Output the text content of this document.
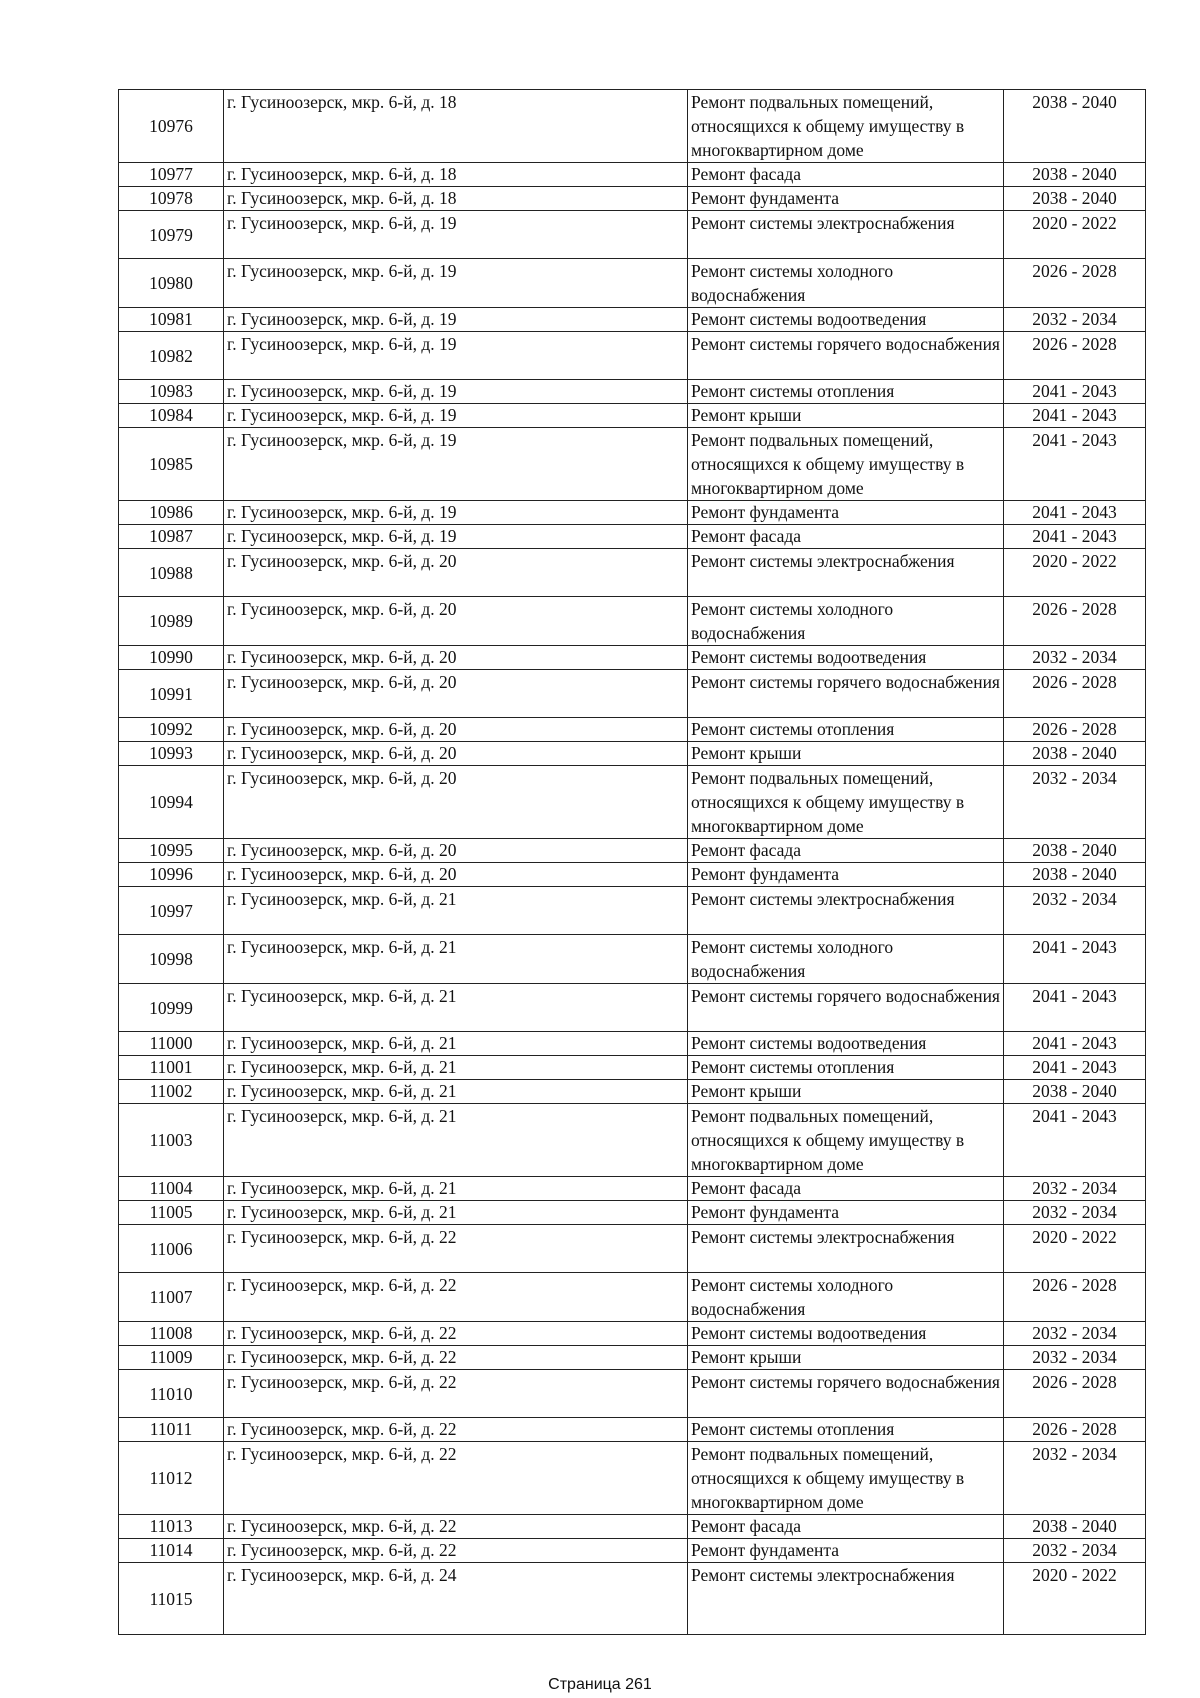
10976	г. Гусиноозерск, мкр. 6-й, д. 18	Ремонт подвальных помещений, относящихся к общему имуществу в многоквартирном доме	2038 - 2040
10977	г. Гусиноозерск, мкр. 6-й, д. 18	Ремонт фасада	2038 - 2040
10978	г. Гусиноозерск, мкр. 6-й, д. 18	Ремонт фундамента	2038 - 2040
10979	г. Гусиноозерск, мкр. 6-й, д. 19	Ремонт системы электроснабжения	2020 - 2022
10980	г. Гусиноозерск, мкр. 6-й, д. 19	Ремонт системы холодного водоснабжения	2026 - 2028
10981	г. Гусиноозерск, мкр. 6-й, д. 19	Ремонт системы водоотведения	2032 - 2034
10982	г. Гусиноозерск, мкр. 6-й, д. 19	Ремонт системы горячего водоснабжения	2026 - 2028
10983	г. Гусиноозерск, мкр. 6-й, д. 19	Ремонт системы отопления	2041 - 2043
10984	г. Гусиноозерск, мкр. 6-й, д. 19	Ремонт крыши	2041 - 2043
10985	г. Гусиноозерск, мкр. 6-й, д. 19	Ремонт подвальных помещений, относящихся к общему имуществу в многоквартирном доме	2041 - 2043
10986	г. Гусиноозерск, мкр. 6-й, д. 19	Ремонт фундамента	2041 - 2043
10987	г. Гусиноозерск, мкр. 6-й, д. 19	Ремонт фасада	2041 - 2043
10988	г. Гусиноозерск, мкр. 6-й, д. 20	Ремонт системы электроснабжения	2020 - 2022
10989	г. Гусиноозерск, мкр. 6-й, д. 20	Ремонт системы холодного водоснабжения	2026 - 2028
10990	г. Гусиноозерск, мкр. 6-й, д. 20	Ремонт системы водоотведения	2032 - 2034
10991	г. Гусиноозерск, мкр. 6-й, д. 20	Ремонт системы горячего водоснабжения	2026 - 2028
10992	г. Гусиноозерск, мкр. 6-й, д. 20	Ремонт системы отопления	2026 - 2028
10993	г. Гусиноозерск, мкр. 6-й, д. 20	Ремонт крыши	2038 - 2040
10994	г. Гусиноозерск, мкр. 6-й, д. 20	Ремонт подвальных помещений, относящихся к общему имуществу в многоквартирном доме	2032 - 2034
10995	г. Гусиноозерск, мкр. 6-й, д. 20	Ремонт фасада	2038 - 2040
10996	г. Гусиноозерск, мкр. 6-й, д. 20	Ремонт фундамента	2038 - 2040
10997	г. Гусиноозерск, мкр. 6-й, д. 21	Ремонт системы электроснабжения	2032 - 2034
10998	г. Гусиноозерск, мкр. 6-й, д. 21	Ремонт системы холодного водоснабжения	2041 - 2043
10999	г. Гусиноозерск, мкр. 6-й, д. 21	Ремонт системы горячего водоснабжения	2041 - 2043
11000	г. Гусиноозерск, мкр. 6-й, д. 21	Ремонт системы водоотведения	2041 - 2043
11001	г. Гусиноозерск, мкр. 6-й, д. 21	Ремонт системы отопления	2041 - 2043
11002	г. Гусиноозерск, мкр. 6-й, д. 21	Ремонт крыши	2038 - 2040
11003	г. Гусиноозерск, мкр. 6-й, д. 21	Ремонт подвальных помещений, относящихся к общему имуществу в многоквартирном доме	2041 - 2043
11004	г. Гусиноозерск, мкр. 6-й, д. 21	Ремонт фасада	2032 - 2034
11005	г. Гусиноозерск, мкр. 6-й, д. 21	Ремонт фундамента	2032 - 2034
11006	г. Гусиноозерск, мкр. 6-й, д. 22	Ремонт системы электроснабжения	2020 - 2022
11007	г. Гусиноозерск, мкр. 6-й, д. 22	Ремонт системы холодного водоснабжения	2026 - 2028
11008	г. Гусиноозерск, мкр. 6-й, д. 22	Ремонт системы водоотведения	2032 - 2034
11009	г. Гусиноозерск, мкр. 6-й, д. 22	Ремонт крыши	2032 - 2034
11010	г. Гусиноозерск, мкр. 6-й, д. 22	Ремонт системы горячего водоснабжения	2026 - 2028
11011	г. Гусиноозерск, мкр. 6-й, д. 22	Ремонт системы отопления	2026 - 2028
11012	г. Гусиноозерск, мкр. 6-й, д. 22	Ремонт подвальных помещений, относящихся к общему имуществу в многоквартирном доме	2032 - 2034
11013	г. Гусиноозерск, мкр. 6-й, д. 22	Ремонт фасада	2038 - 2040
11014	г. Гусиноозерск, мкр. 6-й, д. 22	Ремонт фундамента	2032 - 2034
11015	г. Гусиноозерск, мкр. 6-й, д. 24	Ремонт системы электроснабжения	2020 - 2022
Страница 261
